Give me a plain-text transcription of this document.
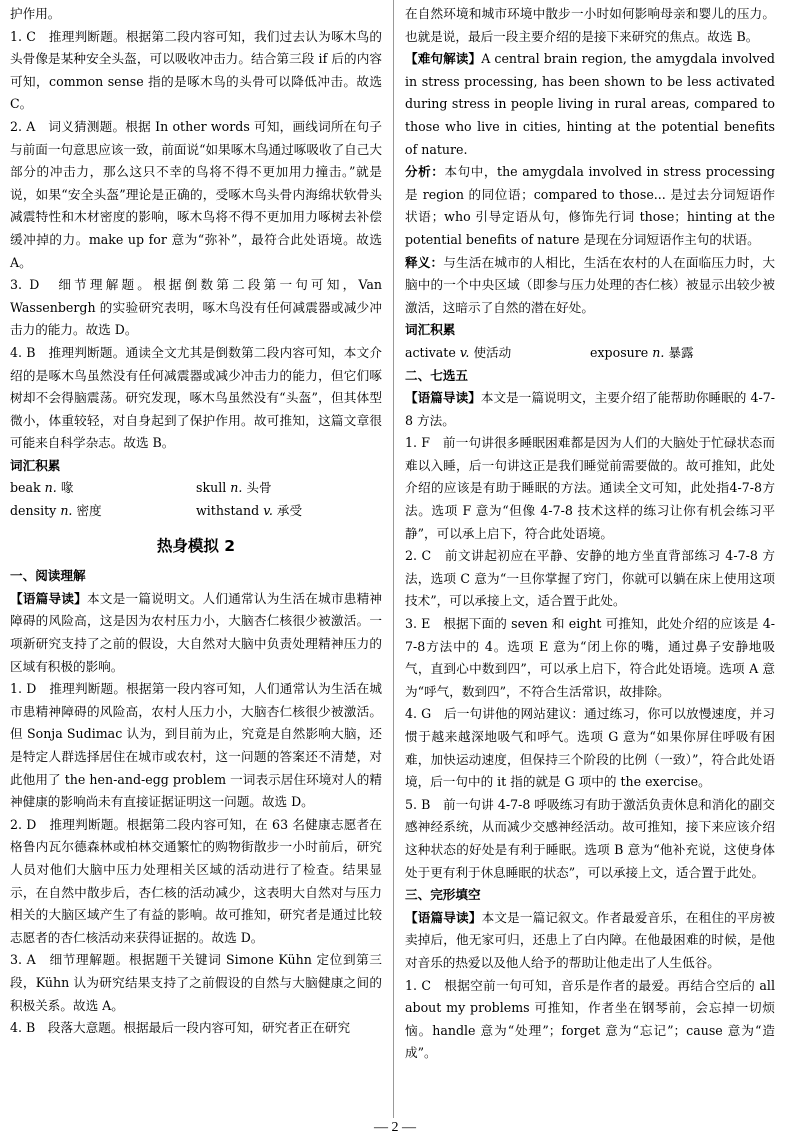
护作用。

1. C　推理判断题。根据第二段内容可知，我们过去认为啄木鸟的头骨像是某种安全头盔，可以吸收冲击力。结合第三段 if 后的内容可知，common sense 指的是啄木鸟的头骨可以降低冲击。故选 C。

2. A　词义猜测题。根据 In other words 可知，画线词所在句子与前面一句意思应该一致，前面说“如果啄木鸟通过啄吸收了自己大部分的冲击力，那么这只不幸的鸟将不得不更加用力撞击。”就是说，如果“安全头盔”理论是正确的，受啄木鸟头骨内海绵状软骨头减震特性和木材密度的影响，啄木鸟将不得不更加用力啄树去补偿缓冲掉的力。make up for 意为“弥补”，最符合此处语境。故选 A。

3. D　细节理解题。根据倒数第二段第一句可知，Van Wassenbergh 的实验研究表明，啄木鸟没有任何减震器或减少冲击力的能力。故选 D。

4. B　推理判断题。通读全文尤其是倒数第二段内容可知，本文介绍的是啄木鸟虽然没有任何减震器或减少冲击力的能力，但它们啄树却不会得脑震荡。研究发现，啄木鸟虽然没有“头盔”，但其体型微小，体重较轻，对自身起到了保护作用。故可推知，这篇文章很可能来自科学杂志。故选 B。

词汇积累

beak n. 喙	skull n. 头骨
density n. 密度	withstand v. 承受
热身模拟 2

一、阅读理解

【语篇导读】本文是一篇说明文。人们通常认为生活在城市患精神障碍的风险高，这是因为农村压力小，大脑杏仁核很少被激活。一项新研究支持了之前的假设，大自然对大脑中负责处理精神压力的区域有积极的影响。

1. D　推理判断题。根据第一段内容可知，人们通常认为生活在城市患精神障碍的风险高，农村人压力小，大脑杏仁核很少被激活。但 Sonja Sudimac 认为，到目前为止，究竟是自然影响大脑，还是特定人群选择居住在城市或农村，这一问题的答案还不清楚，对此他用了 the hen-and-egg problem 一词表示居住环境对人的精神健康的影响尚未有直接证据证明这一问题。故选 D。

2. D　推理判断题。根据第二段内容可知，在 63 名健康志愿者在格鲁内瓦尔德森林或柏林交通繁忙的购物街散步一小时前后，研究人员对他们大脑中压力处理相关区域的活动进行了检查。结果显示，在自然中散步后，杏仁核的活动减少，这表明大自然对与压力相关的大脑区域产生了有益的影响。故可推知，研究者是通过比较志愿者的杏仁核活动来获得证据的。故选 D。

3. A　细节理解题。根据题干关键词 Simone Kühn 定位到第三段，Kühn 认为研究结果支持了之前假设的自然与大脑健康之间的积极关系。故选 A。

4. B　段落大意题。根据最后一段内容可知，研究者正在研究

在自然环境和城市环境中散步一小时如何影响母亲和婴儿的压力。也就是说，最后一段主要介绍的是接下来研究的焦点。故选 B。

【难句解读】A central brain region, the amygdala involved in stress processing, has been shown to be less activated during stress in people living in rural areas, compared to those who live in cities, hinting at the potential benefits of nature.

分析：本句中，the amygdala involved in stress processing 是 region 的同位语；compared to those... 是过去分词短语作状语；who 引导定语从句，修饰先行词 those；hinting at the potential benefits of nature 是现在分词短语作主句的状语。

释义：与生活在城市的人相比，生活在农村的人在面临压力时，大脑中的一个中央区域（即参与压力处理的杏仁核）被显示出较少被激活，这暗示了自然的潜在好处。

词汇积累

activate v. 使活动	exposure n. 暴露

二、七选五

【语篇导读】本文是一篇说明文，主要介绍了能帮助你睡眠的 4-7-8 方法。

1. F　前一句讲很多睡眠困难都是因为人们的大脑处于忙碌状态而难以入睡，后一句讲这正是我们睡觉前需要做的。故可推知，此处介绍的应该是有助于睡眠的方法。通读全文可知，此处指4-7-8方法。选项 F 意为“但像 4-7-8 技术这样的练习让你有机会练习平静”，可以承上启下，符合此处语境。

2. C　前文讲起初应在平静、安静的地方坐直背部练习 4-7-8 方法，选项 C 意为“一旦你掌握了窍门，你就可以躺在床上使用这项技术”，可以承接上文，适合置于此处。

3. E　根据下面的 seven 和 eight 可推知，此处介绍的应该是 4-7-8方法中的 4。选项 E 意为“闭上你的嘴，通过鼻子安静地吸气，直到心中数到四”，可以承上启下，符合此处语境。选项 A 意为“呼气，数到四”，不符合生活常识，故排除。

4. G　后一句讲他的网站建议：通过练习，你可以放慢速度，并习惯于越来越深地吸气和呼气。选项 G 意为“如果你屏住呼吸有困难，加快运动速度，但保持三个阶段的比例（一致）”，符合此处语境，后一句中的 it 指的就是 G 项中的 the exercise。

5. B　前一句讲 4-7-8 呼吸练习有助于激活负责休息和消化的副交感神经系统，从而减少交感神经活动。故可推知，接下来应该介绍这种状态的好处是有利于睡眠。选项 B 意为“他补充说，这使身体处于更有利于休息睡眠的状态”，可以承接上文，适合置于此处。

三、完形填空

【语篇导读】本文是一篇记叙文。作者最爱音乐，在租住的平房被卖掉后，他无家可归，还患上了白内障。在他最困难的时候，是他对音乐的热爱以及他人给予的帮助让他走出了人生低谷。

1. C　根据空前一句可知，音乐是作者的最爱。再结合空后的 all about my problems 可推知，作者坐在钢琴前，会忘掉一切烦恼。handle 意为“处理”；forget 意为“忘记”；cause 意为“造成”。

— 2 —
